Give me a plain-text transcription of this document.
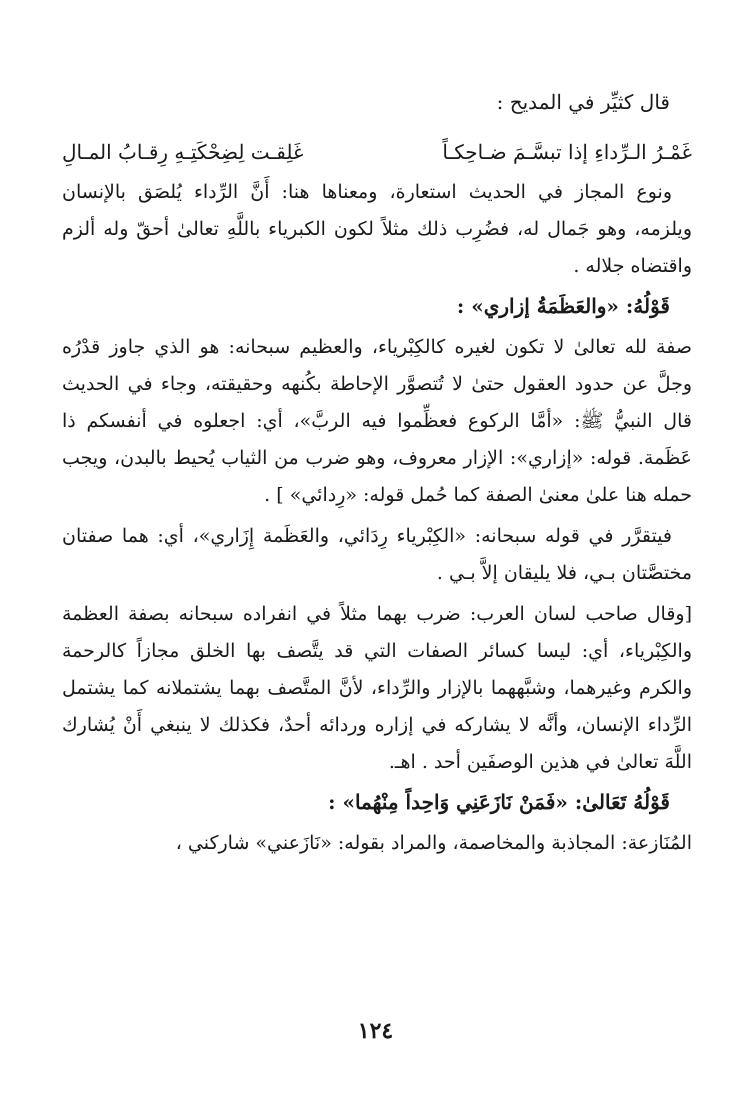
قال كثيِّر في المديح :
غَمْـرُ الـرِّداءِ إذا تبسَّـمَ ضـاحِكـاً
غَلِقـت لِضِحْكَتِـهِ رِقـابُ المـالِ
ونوع المجاز في الحديث استعارة، ومعناها هنا: أَنَّ الرِّداء يُلصَق بالإنسان ويلزمه، وهو جَمال له، فضُرِب ذلك مثلاً لكون الكبرياء باللَّهِ تعالىٰ أحقّ وله ألزم واقتضاه جلاله .
قَوْلُهُ: «والعَظَمَةُ إزاري» :
صفة لله تعالىٰ لا تكون لغيره كالكِبْرياء، والعظيم سبحانه: هو الذي جاوز قدْرُه وجلَّ عن حدود العقول حتىٰ لا تُتصوَّر الإحاطة بكُنهه وحقيقته، وجاء في الحديث قال النبيُّ ﷺ: «أمَّا الركوع فعظِّموا فيه الربَّ»، أي: اجعلوه في أنفسكم ذا عَظَمة. قوله: «إزاري»: الإزار معروف، وهو ضرب من الثياب يُحيط بالبدن، ويجب حمله هنا علىٰ معنىٰ الصفة كما حُمل قوله: «رِدائي» ] .
فيتقرَّر في قوله سبحانه: «الكِبْرياء رِدَائي، والعَظَمة إِزَاري»، أي: هما صفتان مختصَّتان بـي، فلا يليقان إلاَّ بـي .
[وقال صاحب لسان العرب: ضرب بهما مثلاً في انفراده سبحانه بصفة العظمة والكِبْرياء، أي: ليسا كسائر الصفات التي قد يتَّصف بها الخلق مجازاً كالرحمة والكرم وغيرهما، وشبَّههما بالإزار والرِّداء، لأنَّ المتَّصف بهما يشتملانه كما يشتمل الرِّداء الإنسان، وأنَّه لا يشاركه في إزاره وردائه أحدٌ، فكذلك لا ينبغي أَنْ يُشارك اللَّهَ تعالىٰ في هذين الوصفَين أحد . اهـ.
قَوْلُهُ تَعَالىٰ: «فَمَنْ نَازَعَنِي وَاحِداً مِنْهُما» :
المُنَازعة: المجاذبة والمخاصمة، والمراد بقوله: «نَازَعني» شاركني ،
١٢٤
